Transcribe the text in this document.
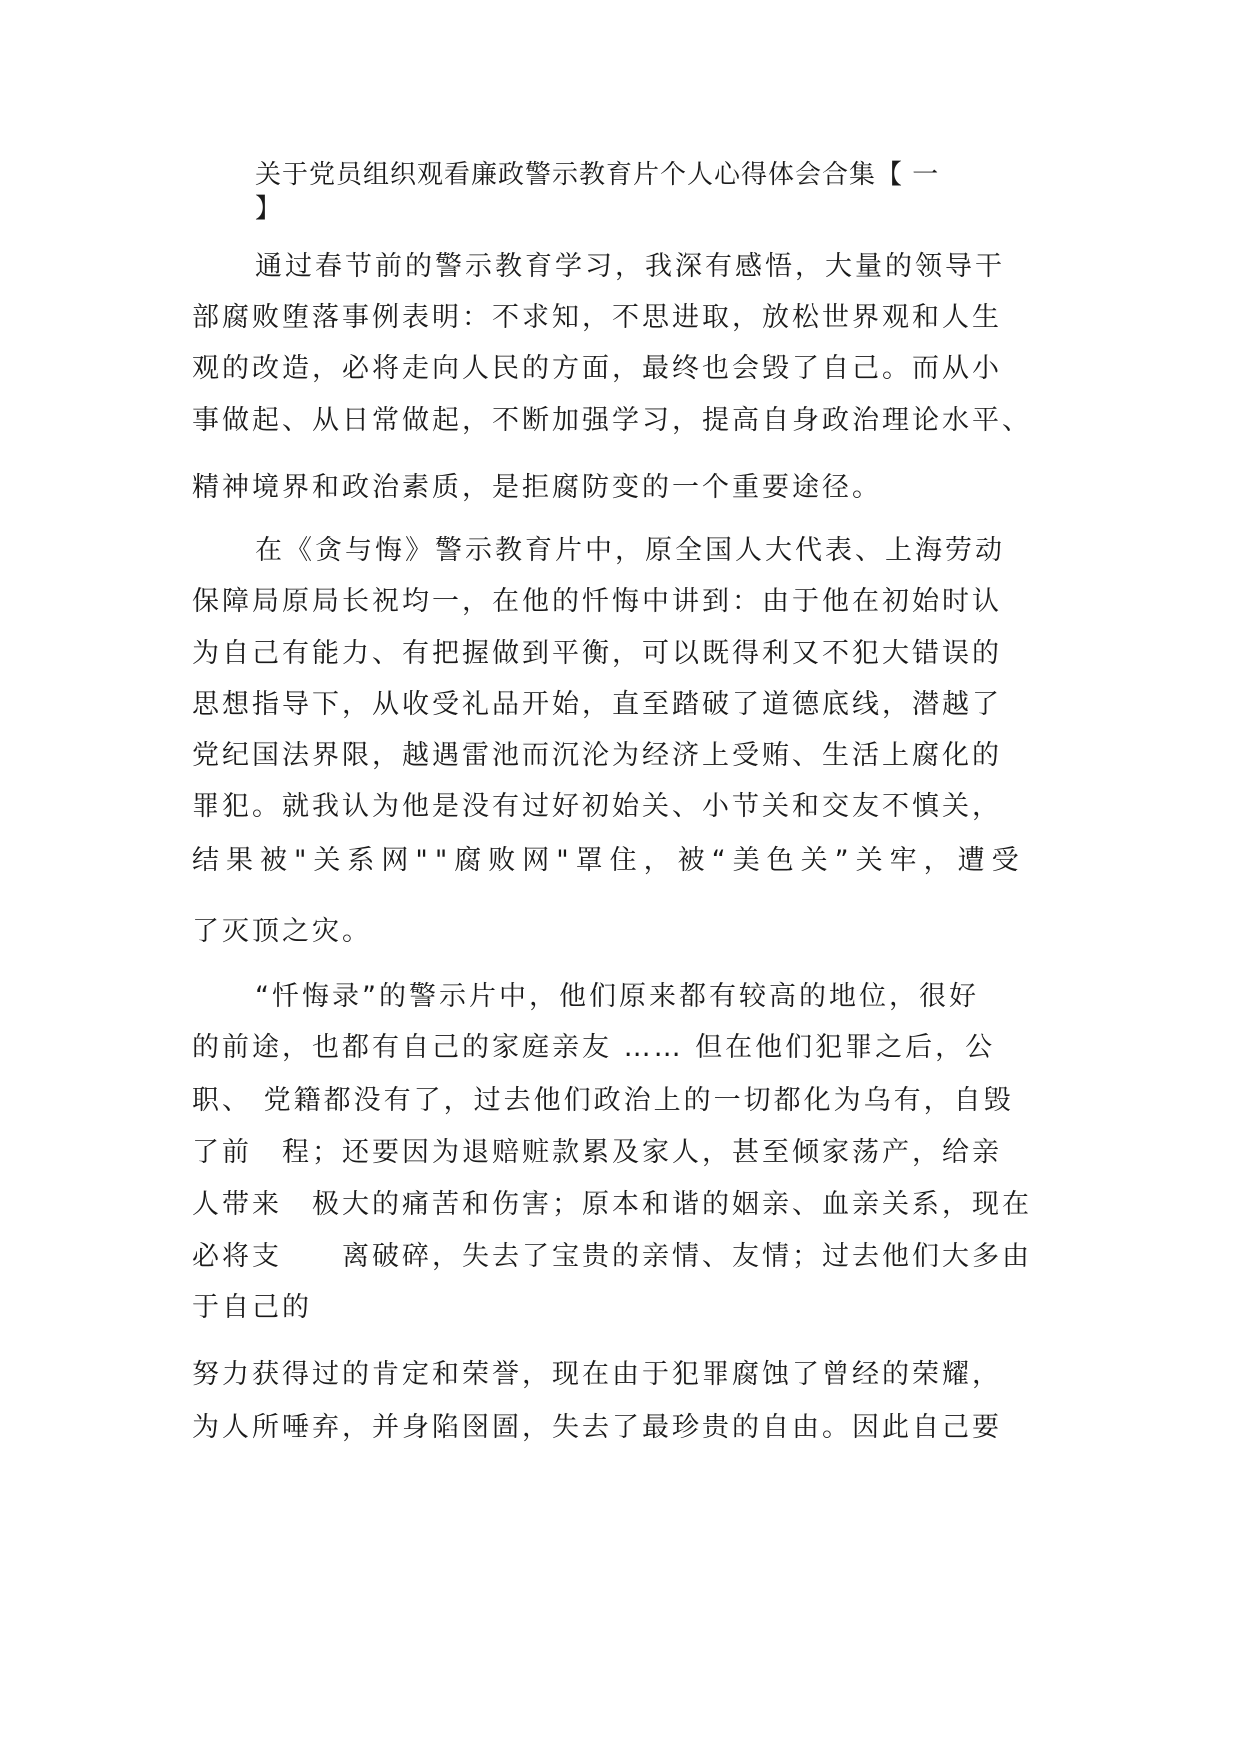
关于党员组织观看廉政警示教育片个人心得体会合集【 一
】
通过春节前的警示教育学习，我深有感悟，大量的领导干
部腐败堕落事例表明：不求知，不思进取，放松世界观和人生
观的改造，必将走向人民的方面，最终也会毁了自己。而从小
事做起、从日常做起，不断加强学习，提高自身政治理论水平、
精神境界和政治素质，是拒腐防变的一个重要途径。
在《贪与悔》警示教育片中，原全国人大代表、上海劳动
保障局原局长祝均一，在他的忏悔中讲到：由于他在初始时认
为自己有能力、有把握做到平衡，可以既得利又不犯大错误的
思想指导下，从收受礼品开始，直至踏破了道德底线，潜越了
党纪国法界限，越遇雷池而沉沦为经济上受贿、生活上腐化的
罪犯。就我认为他是没有过好初始关、小节关和交友不慎关，
结果被"关系网""腐败网"罩住，被“美色关”关牢，遭受
了灭顶之灾。
“忏悔录”的警示片中，他们原来都有较高的地位，很好
的前途，也都有自己的家庭亲友 …… 但在他们犯罪之后，公
职、 党籍都没有了，过去他们政治上的一切都化为乌有，自毁
了前　程；还要因为退赔赃款累及家人，甚至倾家荡产，给亲
人带来　极大的痛苦和伤害；原本和谐的姻亲、血亲关系，现在
必将支　　离破碎，失去了宝贵的亲情、友情；过去他们大多由
于自己的
努力获得过的肯定和荣誉，现在由于犯罪腐蚀了曾经的荣耀，
为人所唾弃，并身陷囹圄，失去了最珍贵的自由。因此自己要
